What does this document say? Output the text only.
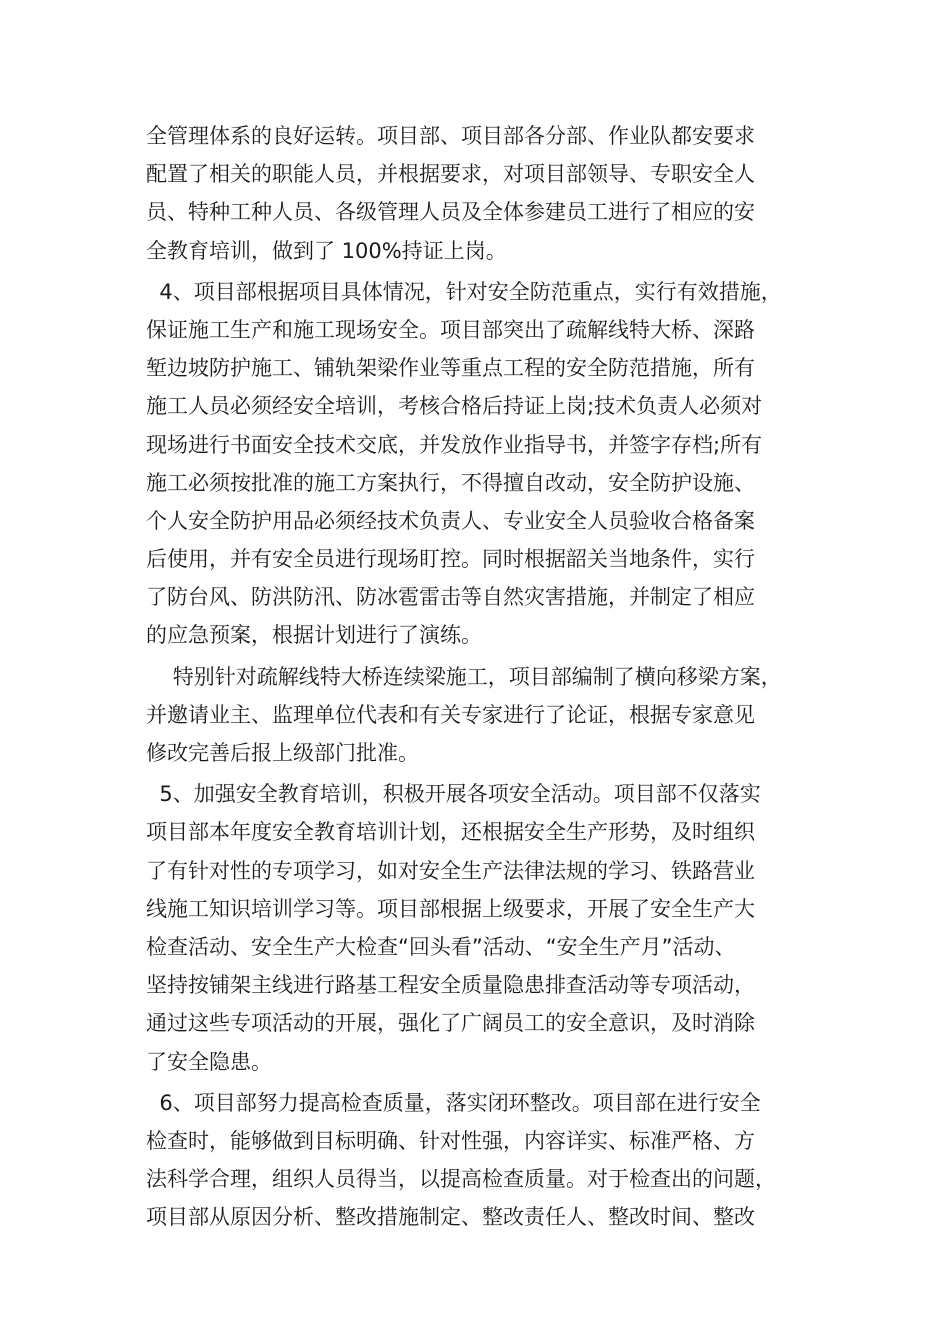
全管理体系的良好运转。项目部、项目部各分部、作业队都安要求
配置了相关的职能人员，并根据要求，对项目部领导、专职安全人
员、特种工种人员、各级管理人员及全体参建员工进行了相应的安
全教育培训，做到了 100%持证上岗。
4、项目部根据项目具体情况，针对安全防范重点，实行有效措施，
保证施工生产和施工现场安全。项目部突出了疏解线特大桥、深路
堑边坡防护施工、铺轨架梁作业等重点工程的安全防范措施，所有
施工人员必须经安全培训，考核合格后持证上岗;技术负责人必须对
现场进行书面安全技术交底，并发放作业指导书，并签字存档;所有
施工必须按批准的施工方案执行，不得擅自改动，安全防护设施、
个人安全防护用品必须经技术负责人、专业安全人员验收合格备案
后使用，并有安全员进行现场盯控。同时根据韶关当地条件，实行
了防台风、防洪防汛、防冰雹雷击等自然灾害措施，并制定了相应
的应急预案，根据计划进行了演练。
特别针对疏解线特大桥连续梁施工，项目部编制了横向移梁方案，
并邀请业主、监理单位代表和有关专家进行了论证，根据专家意见
修改完善后报上级部门批准。
5、加强安全教育培训，积极开展各项安全活动。项目部不仅落实
项目部本年度安全教育培训计划，还根据安全生产形势，及时组织
了有针对性的专项学习，如对安全生产法律法规的学习、铁路营业
线施工知识培训学习等。项目部根据上级要求，开展了安全生产大
检查活动、安全生产大检查“回头看”活动、“安全生产月”活动、
坚持按铺架主线进行路基工程安全质量隐患排查活动等专项活动，
通过这些专项活动的开展，强化了广阔员工的安全意识，及时消除
了安全隐患。
6、项目部努力提高检查质量，落实闭环整改。项目部在进行安全
检查时，能够做到目标明确、针对性强，内容详实、标准严格、方
法科学合理，组织人员得当，以提高检查质量。对于检查出的问题，
项目部从原因分析、整改措施制定、整改责任人、整改时间、整改
